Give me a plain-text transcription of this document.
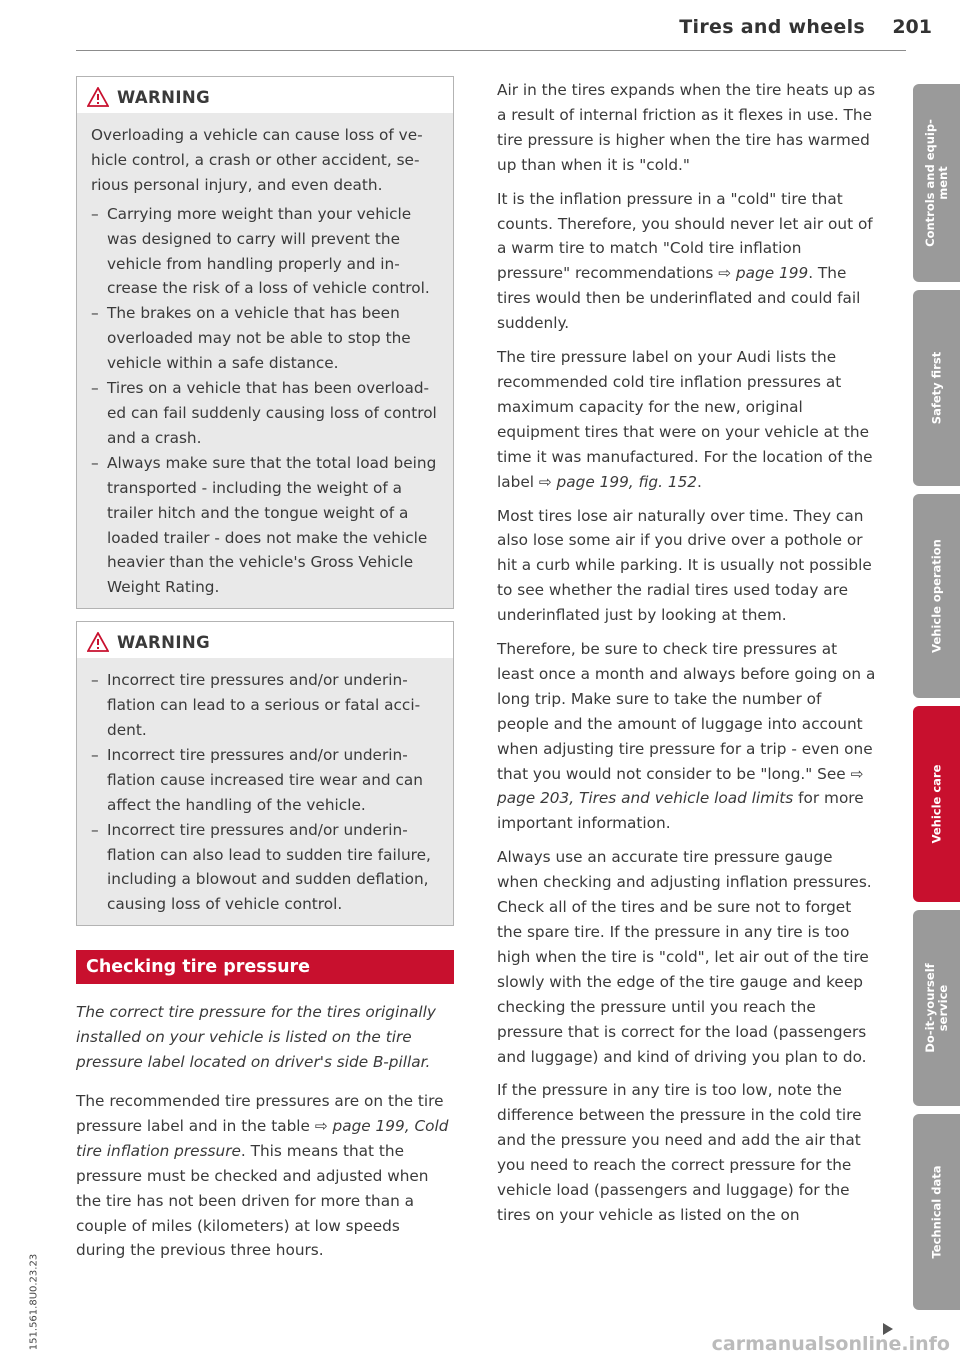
Tires and wheels 201
151.561.8U0.23.23
WARNING

Overloading a vehicle can cause loss of vehicle control, a crash or other accident, serious personal injury, and even death.

– Carrying more weight than your vehicle was designed to carry will prevent the vehicle from handling properly and increase the risk of a loss of vehicle control.
– The brakes on a vehicle that has been overloaded may not be able to stop the vehicle within a safe distance.
– Tires on a vehicle that has been overloaded can fail suddenly causing loss of control and a crash.
– Always make sure that the total load being transported - including the weight of a trailer hitch and the tongue weight of a loaded trailer - does not make the vehicle heavier than the vehicle's Gross Vehicle Weight Rating.
WARNING
– Incorrect tire pressures and/or underinflation can lead to a serious or fatal accident.
– Incorrect tire pressures and/or underinflation cause increased tire wear and can affect the handling of the vehicle.
– Incorrect tire pressures and/or underinflation can also lead to sudden tire failure, including a blowout and sudden deflation, causing loss of vehicle control.
Checking tire pressure

The correct tire pressure for the tires originally installed on your vehicle is listed on the tire pressure label located on driver's side B-pillar.

The recommended tire pressures are on the tire pressure label and in the table ⇨ page 199, Cold tire inflation pressure. This means that the pressure must be checked and adjusted when the tire has not been driven for more than a couple of miles (kilometers) at low speeds during the previous three hours.

Air in the tires expands when the tire heats up as a result of internal friction as it flexes in use. The tire pressure is higher when the tire has warmed up than when it is "cold."

It is the inflation pressure in a "cold" tire that counts. Therefore, you should never let air out of a warm tire to match "Cold tire inflation pressure" recommendations ⇨ page 199. The tires would then be underinflated and could fail suddenly.

The tire pressure label on your Audi lists the recommended cold tire inflation pressures at maximum capacity for the new, original equipment tires that were on your vehicle at the time it was manufactured. For the location of the label ⇨ page 199, fig. 152.

Most tires lose air naturally over time. They can also lose some air if you drive over a pothole or hit a curb while parking. It is usually not possible to see whether the radial tires used today are underinflated just by looking at them.

Therefore, be sure to check tire pressures at least once a month and always before going on a long trip. Make sure to take the number of people and the amount of luggage into account when adjusting tire pressure for a trip - even one that you would not consider to be "long." See ⇨ page 203, Tires and vehicle load limits for more important information.

Always use an accurate tire pressure gauge when checking and adjusting inflation pressures. Check all of the tires and be sure not to forget the spare tire. If the pressure in any tire is too high when the tire is "cold", let air out of the tire slowly with the edge of the tire gauge and keep checking the pressure until you reach the pressure that is correct for the load (passengers and luggage) and kind of driving you plan to do.

If the pressure in any tire is too low, note the difference between the pressure in the cold tire and the pressure you need and add the air that you need to reach the correct pressure for the vehicle load (passengers and luggage) for the tires on your vehicle as listed on the on

Controls and equip-
ment
Safety first
Vehicle operation
Vehicle care
Do-it-yourself
service
Technical data
carmanualsonline.info
